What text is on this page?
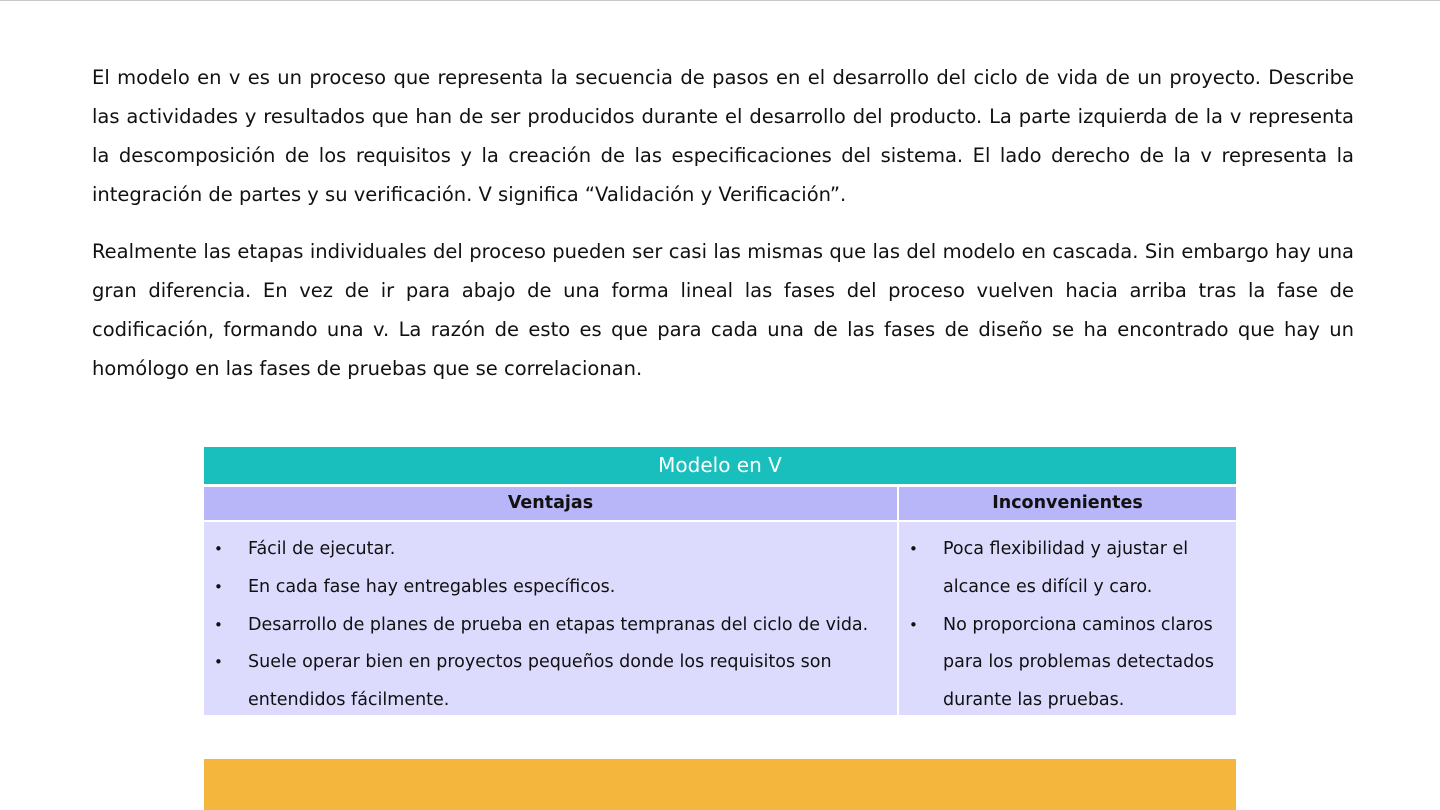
El modelo en v es un proceso que representa la secuencia de pasos en el desarrollo del ciclo de vida de un proyecto. Describe las actividades y resultados que han de ser producidos durante el desarrollo del producto. La parte izquierda de la v representa la descomposición de los requisitos y la creación de las especificaciones del sistema. El lado derecho de la v representa la integración de partes y su verificación. V significa “Validación y Verificación”.

Realmente las etapas individuales del proceso pueden ser casi las mismas que las del modelo en cascada. Sin embargo hay una gran diferencia. En vez de ir para abajo de una forma lineal las fases del proceso vuelven hacia arriba tras la fase de codificación, formando una v. La razón de esto es que para cada una de las fases de diseño se ha encontrado que hay un homólogo en las fases de pruebas que se correlacionan.

Modelo en V
Ventajas	Inconvenientes
• Fácil de ejecutar.
• En cada fase hay entregables específicos.
• Desarrollo de planes de prueba en etapas tempranas del ciclo de vida.
• Suele operar bien en proyectos pequeños donde los requisitos son entendidos fácilmente.
• Poca flexibilidad y ajustar el alcance es difícil y caro.
• No proporciona caminos claros para los problemas detectados durante las pruebas.
